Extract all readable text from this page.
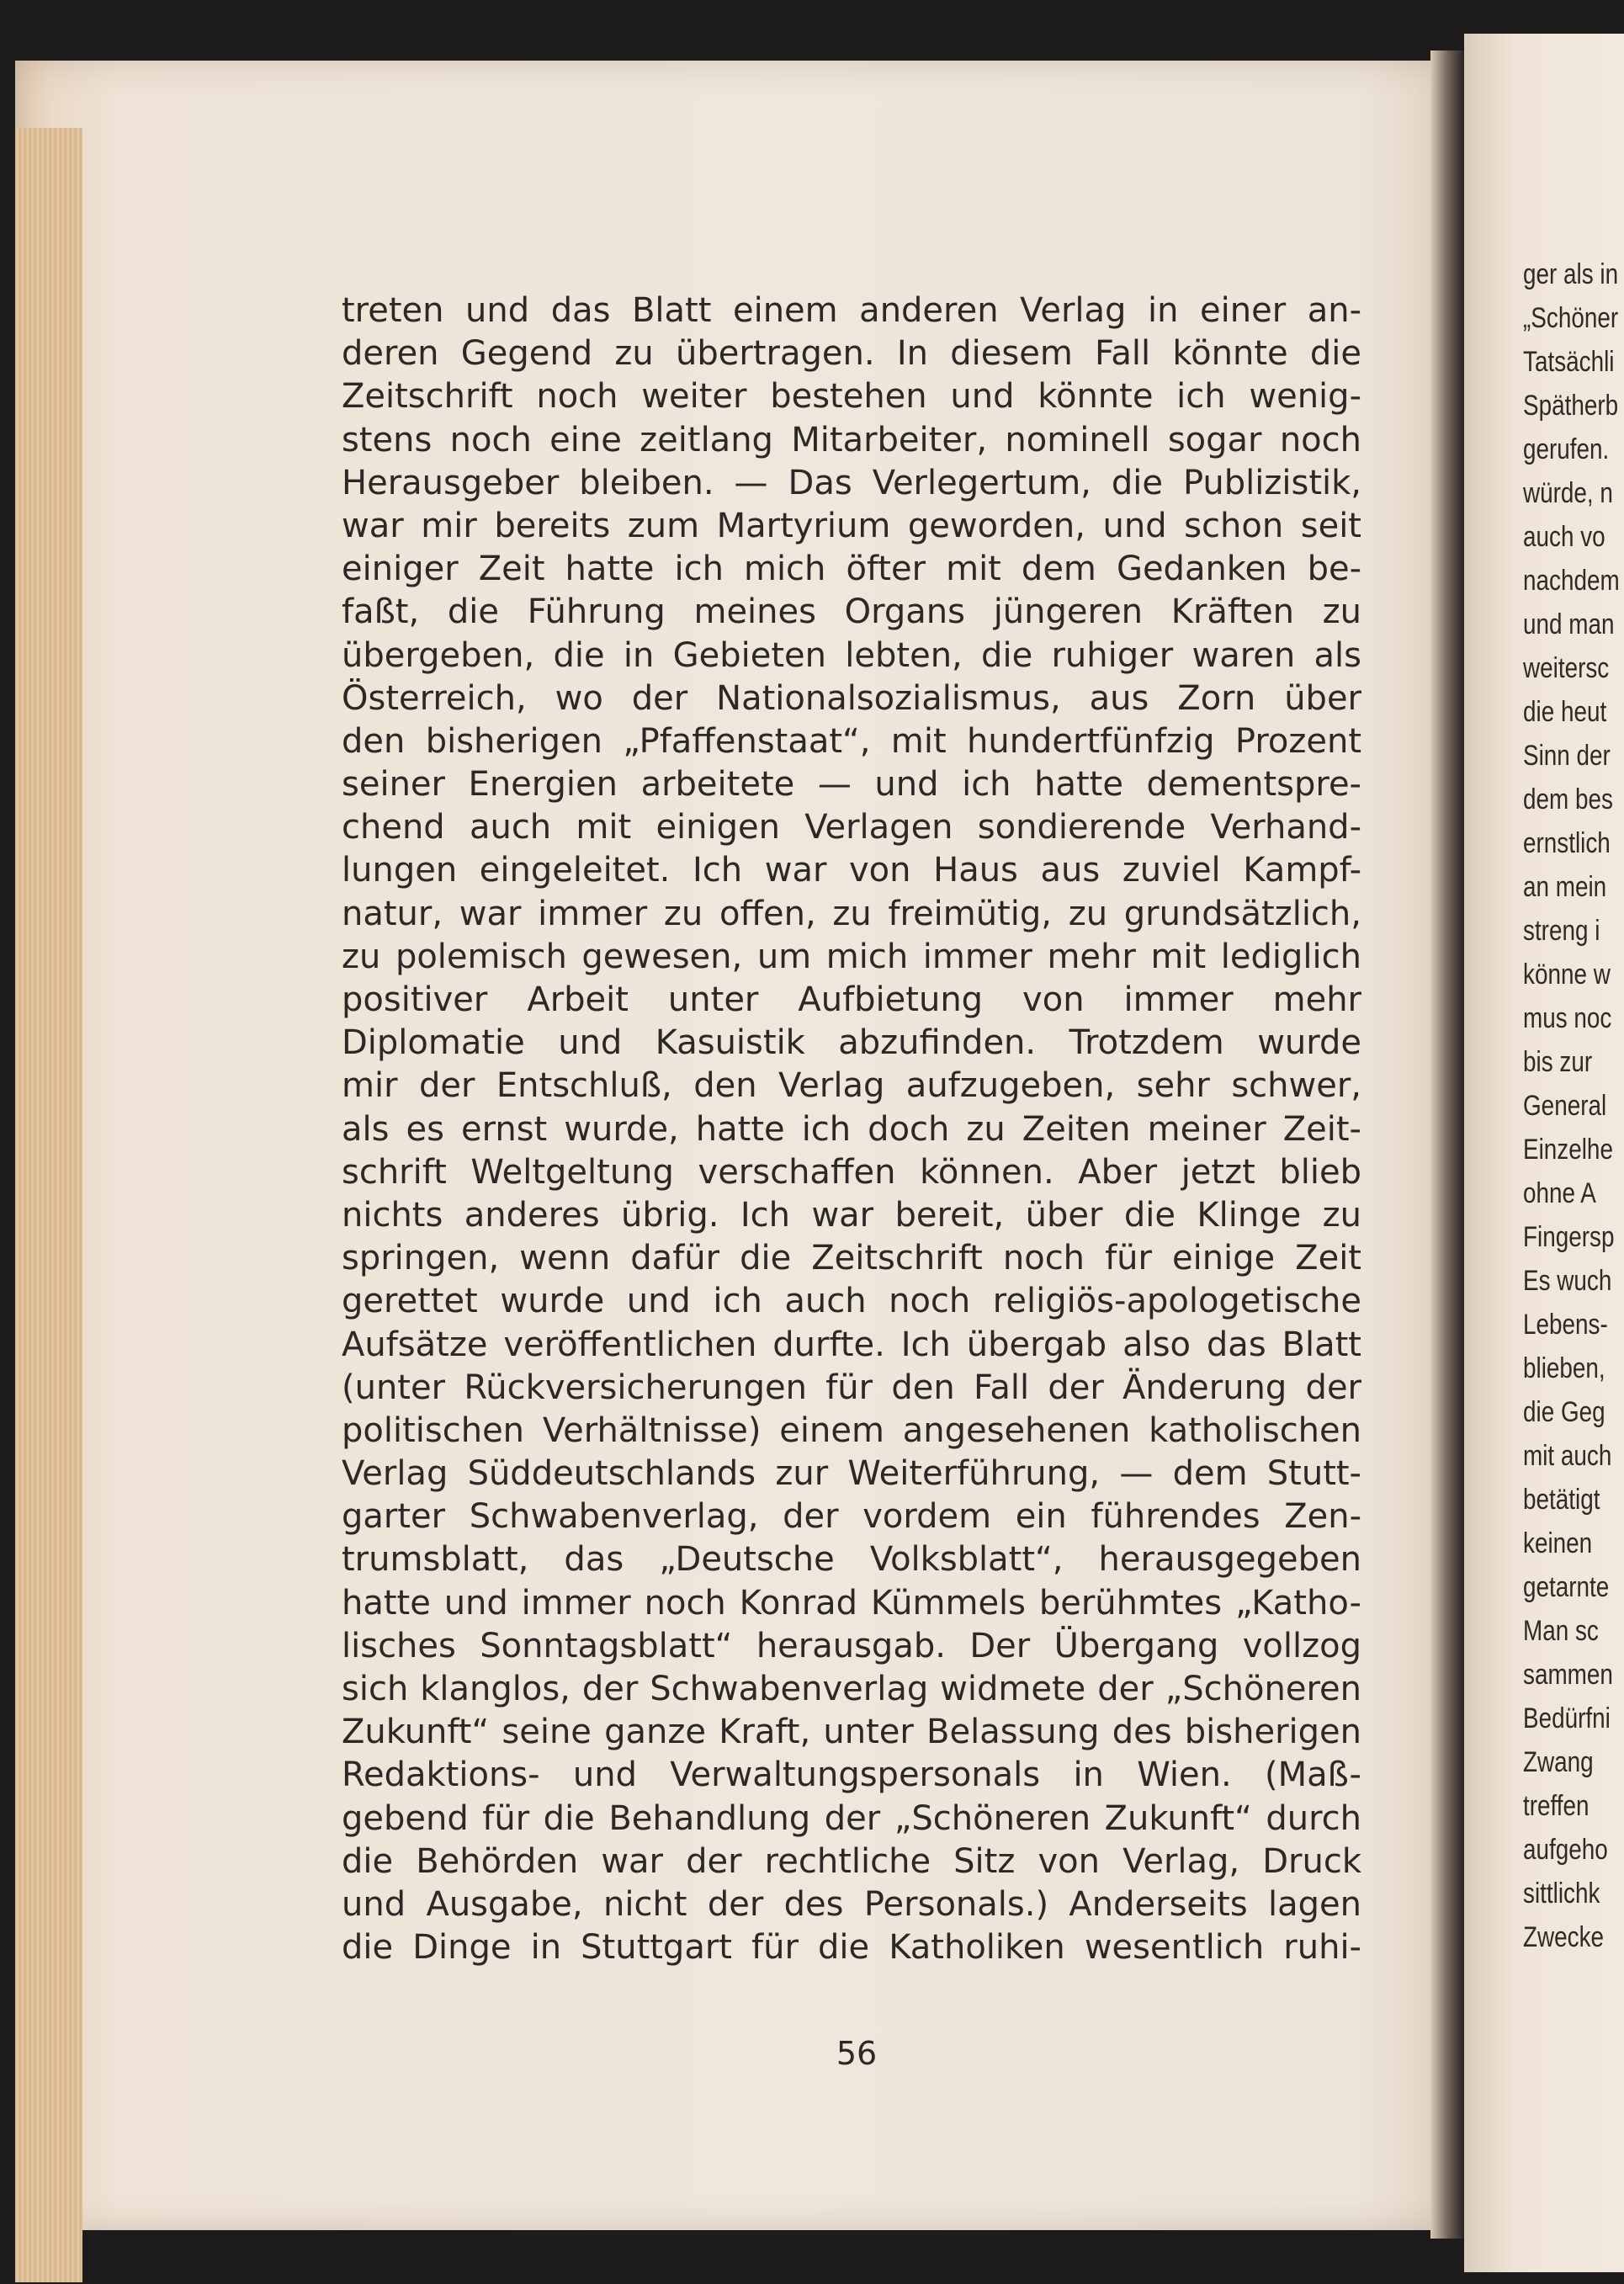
treten und das Blatt einem anderen Verlag in einer an-
deren Gegend zu übertragen. In diesem Fall könnte die
Zeitschrift noch weiter bestehen und könnte ich wenig-
stens noch eine zeitlang Mitarbeiter, nominell sogar noch
Herausgeber bleiben. — Das Verlegertum, die Publizistik,
war mir bereits zum Martyrium geworden, und schon seit
einiger Zeit hatte ich mich öfter mit dem Gedanken be-
faßt, die Führung meines Organs jüngeren Kräften zu
übergeben, die in Gebieten lebten, die ruhiger waren als
Österreich, wo der Nationalsozialismus, aus Zorn über
den bisherigen „Pfaffenstaat“, mit hundertfünfzig Prozent
seiner Energien arbeitete — und ich hatte dementspre-
chend auch mit einigen Verlagen sondierende Verhand-
lungen eingeleitet. Ich war von Haus aus zuviel Kampf-
natur, war immer zu offen, zu freimütig, zu grundsätzlich,
zu polemisch gewesen, um mich immer mehr mit lediglich
positiver Arbeit unter Aufbietung von immer mehr
Diplomatie und Kasuistik abzufinden. Trotzdem wurde
mir der Entschluß, den Verlag aufzugeben, sehr schwer,
als es ernst wurde, hatte ich doch zu Zeiten meiner Zeit-
schrift Weltgeltung verschaffen können. Aber jetzt blieb
nichts anderes übrig. Ich war bereit, über die Klinge zu
springen, wenn dafür die Zeitschrift noch für einige Zeit
gerettet wurde und ich auch noch religiös-apologetische
Aufsätze veröffentlichen durfte. Ich übergab also das Blatt
(unter Rückversicherungen für den Fall der Änderung der
politischen Verhältnisse) einem angesehenen katholischen
Verlag Süddeutschlands zur Weiterführung, — dem Stutt-
garter Schwabenverlag, der vordem ein führendes Zen-
trumsblatt, das „Deutsche Volksblatt“, herausgegeben
hatte und immer noch Konrad Kümmels berühmtes „Katho-
lisches Sonntagsblatt“ herausgab. Der Übergang vollzog
sich klanglos, der Schwabenverlag widmete der „Schöneren
Zukunft“ seine ganze Kraft, unter Belassung des bisherigen
Redaktions- und Verwaltungspersonals in Wien. (Maß-
gebend für die Behandlung der „Schöneren Zukunft“ durch
die Behörden war der rechtliche Sitz von Verlag, Druck
und Ausgabe, nicht der des Personals.) Anderseits lagen
die Dinge in Stuttgart für die Katholiken wesentlich ruhi-
56
ger als in
„Schöner
Tatsächli
Spätherb
gerufen.
würde, n
auch vo
nachdem
und man
weitersc
die heut
Sinn der
dem bes
ernstlich
an mein
streng i
könne w
mus noc
bis zur
General
Einzelhe
ohne A
Fingersp
Es wuch
Lebens-
blieben,
die Geg
mit auch
betätigt
keinen
getarnte
Man sc
sammen
Bedürfni
Zwang
treffen
aufgeho
sittlichk
Zwecke
